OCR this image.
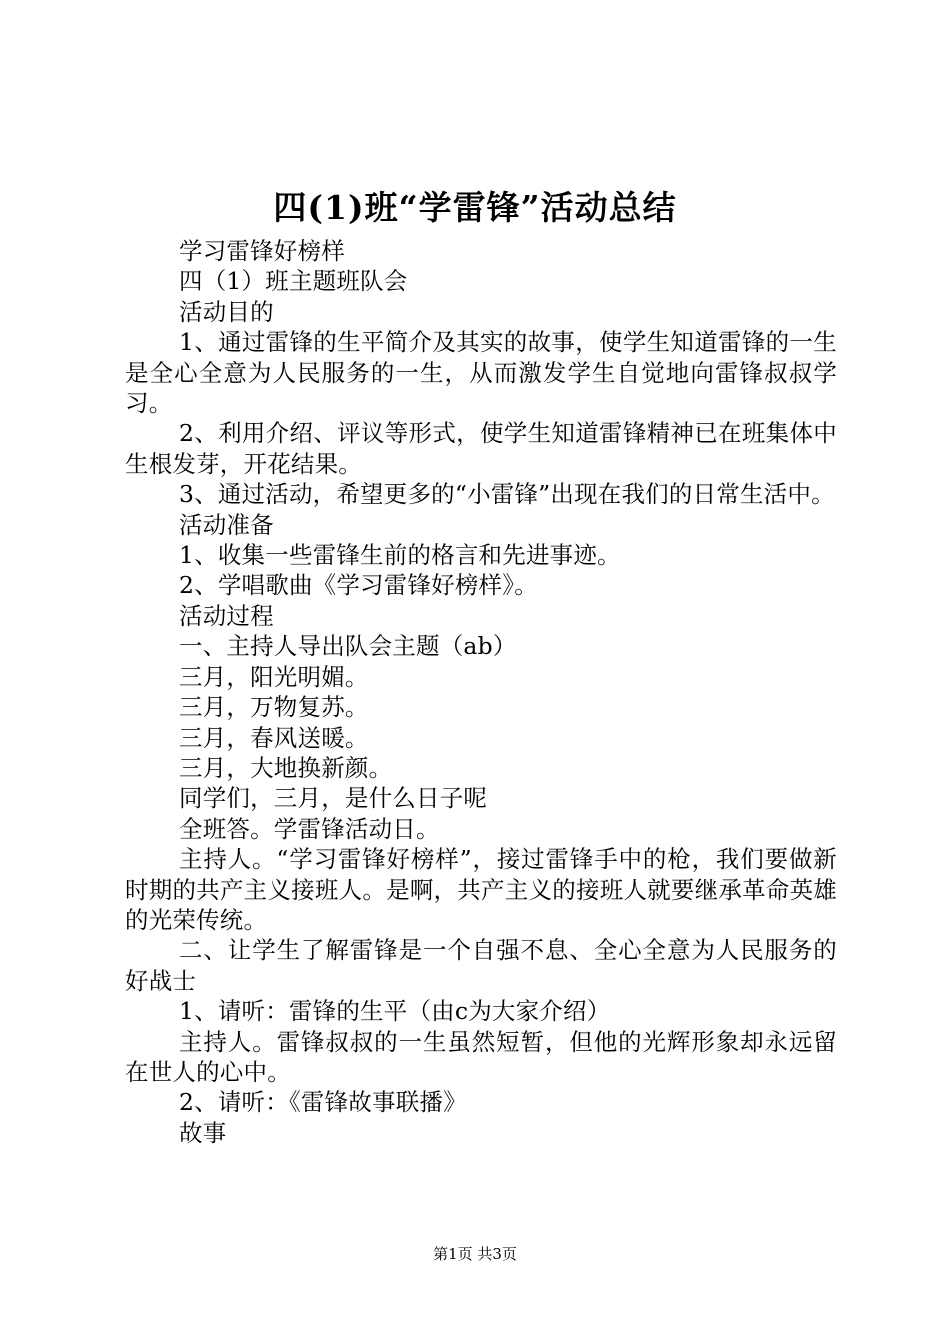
四(1)班“学雷锋”活动总结

学习雷锋好榜样

四（1）班主题班队会

活动目的

1、通过雷锋的生平简介及其实的故事，使学生知道雷锋的一生是全心全意为人民服务的一生，从而激发学生自觉地向雷锋叔叔学习。

2、利用介绍、评议等形式，使学生知道雷锋精神已在班集体中生根发芽，开花结果。

3、通过活动，希望更多的“小雷锋”出现在我们的日常生活中。

活动准备

1、收集一些雷锋生前的格言和先进事迹。

2、学唱歌曲《学习雷锋好榜样》。

活动过程

一、主持人导出队会主题（ab）

三月，阳光明媚。

三月，万物复苏。

三月，春风送暖。

三月，大地换新颜。

同学们，三月，是什么日子呢

全班答。学雷锋活动日。

主持人。“学习雷锋好榜样”，接过雷锋手中的枪，我们要做新时期的共产主义接班人。是啊，共产主义的接班人就要继承革命英雄的光荣传统。

二、让学生了解雷锋是一个自强不息、全心全意为人民服务的好战士

1、请听：雷锋的生平（由c为大家介绍）

主持人。雷锋叔叔的一生虽然短暂，但他的光辉形象却永远留在世人的心中。

2、请听：《雷锋故事联播》

故事

第1页 共3页
